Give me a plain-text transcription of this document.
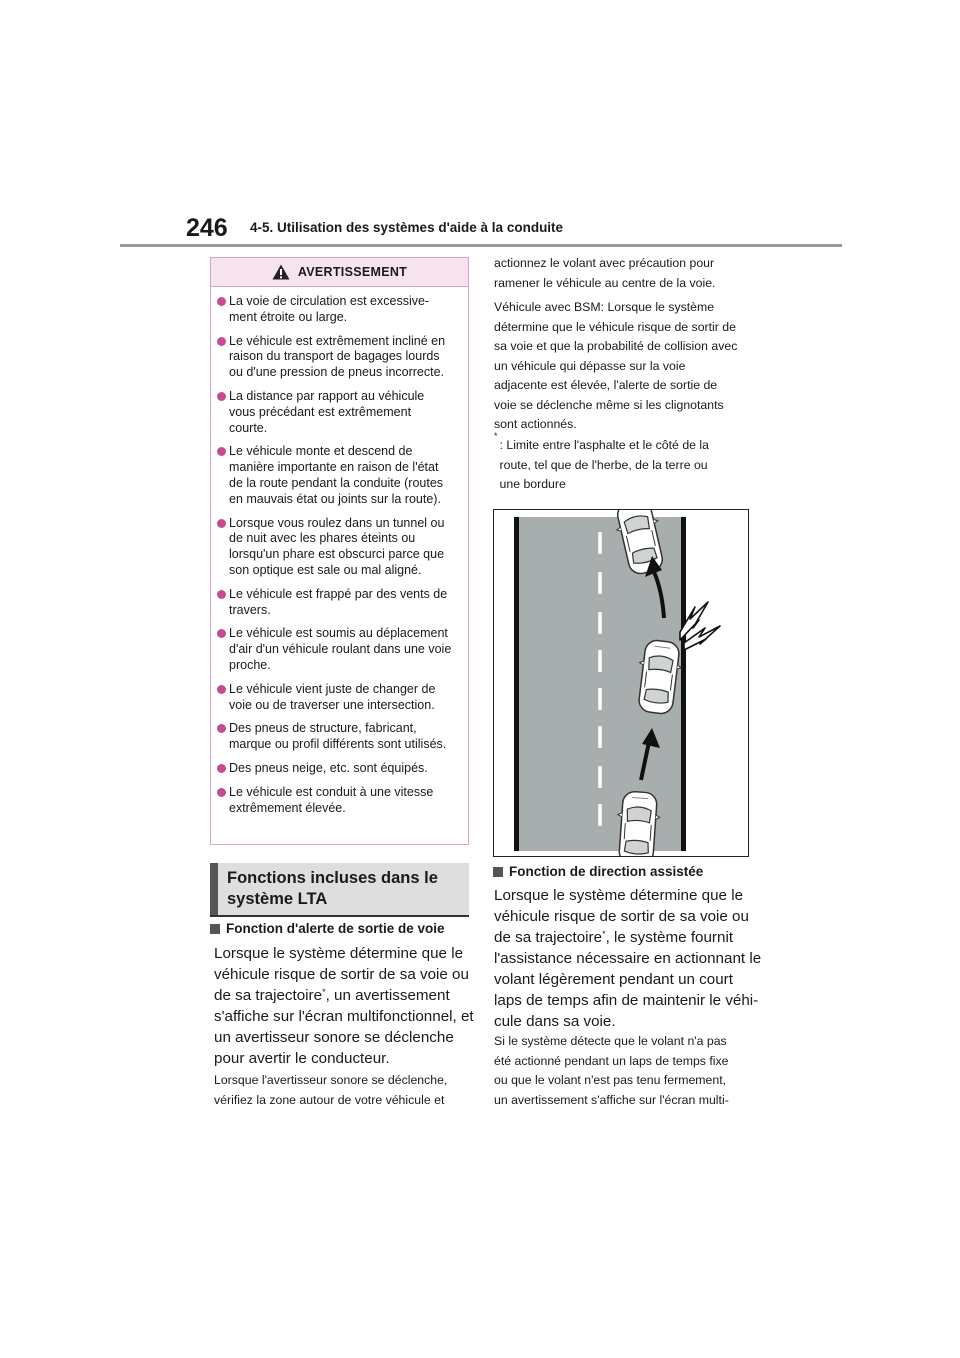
246 4-5. Utilisation des systèmes d'aide à la conduite
AVERTISSEMENT
La voie de circulation est excessive-
ment étroite ou large.
Le véhicule est extrêmement incliné en
raison du transport de bagages lourds
ou d'une pression de pneus incorrecte.
La distance par rapport au véhicule
vous précédant est extrêmement
courte.
Le véhicule monte et descend de
manière importante en raison de l'état
de la route pendant la conduite (routes
en mauvais état ou joints sur la route).
Lorsque vous roulez dans un tunnel ou
de nuit avec les phares éteints ou
lorsqu'un phare est obscurci parce que
son optique est sale ou mal aligné.
Le véhicule est frappé par des vents de
travers.
Le véhicule est soumis au déplacement
d'air d'un véhicule roulant dans une voie
proche.
Le véhicule vient juste de changer de
voie ou de traverser une intersection.
Des pneus de structure, fabricant,
marque ou profil différents sont utilisés.
Des pneus neige, etc. sont équipés.
Le véhicule est conduit à une vitesse
extrêmement élevée.
Fonctions incluses dans le
système LTA
Fonction d'alerte de sortie de voie
Lorsque le système détermine que le
véhicule risque de sortir de sa voie ou
de sa trajectoire*, un avertissement
s'affiche sur l'écran multifonctionnel, et
un avertisseur sonore se déclenche
pour avertir le conducteur.
Lorsque l'avertisseur sonore se déclenche,
vérifiez la zone autour de votre véhicule et
actionnez le volant avec précaution pour
ramener le véhicule au centre de la voie.
Véhicule avec BSM: Lorsque le système
détermine que le véhicule risque de sortir de
sa voie et que la probabilité de collision avec
un véhicule qui dépasse sur la voie
adjacente est élevée, l'alerte de sortie de
voie se déclenche même si les clignotants
sont actionnés.
*
: Limite entre l'asphalte et le côté de la
route, tel que de l'herbe, de la terre ou
une bordure
Fonction de direction assistée
Lorsque le système détermine que le
véhicule risque de sortir de sa voie ou
de sa trajectoire*, le système fournit
l'assistance nécessaire en actionnant le
volant légèrement pendant un court
laps de temps afin de maintenir le véhi-
cule dans sa voie.
Si le système détecte que le volant n'a pas
été actionné pendant un laps de temps fixe
ou que le volant n'est pas tenu fermement,
un avertissement s'affiche sur l'écran multi-
